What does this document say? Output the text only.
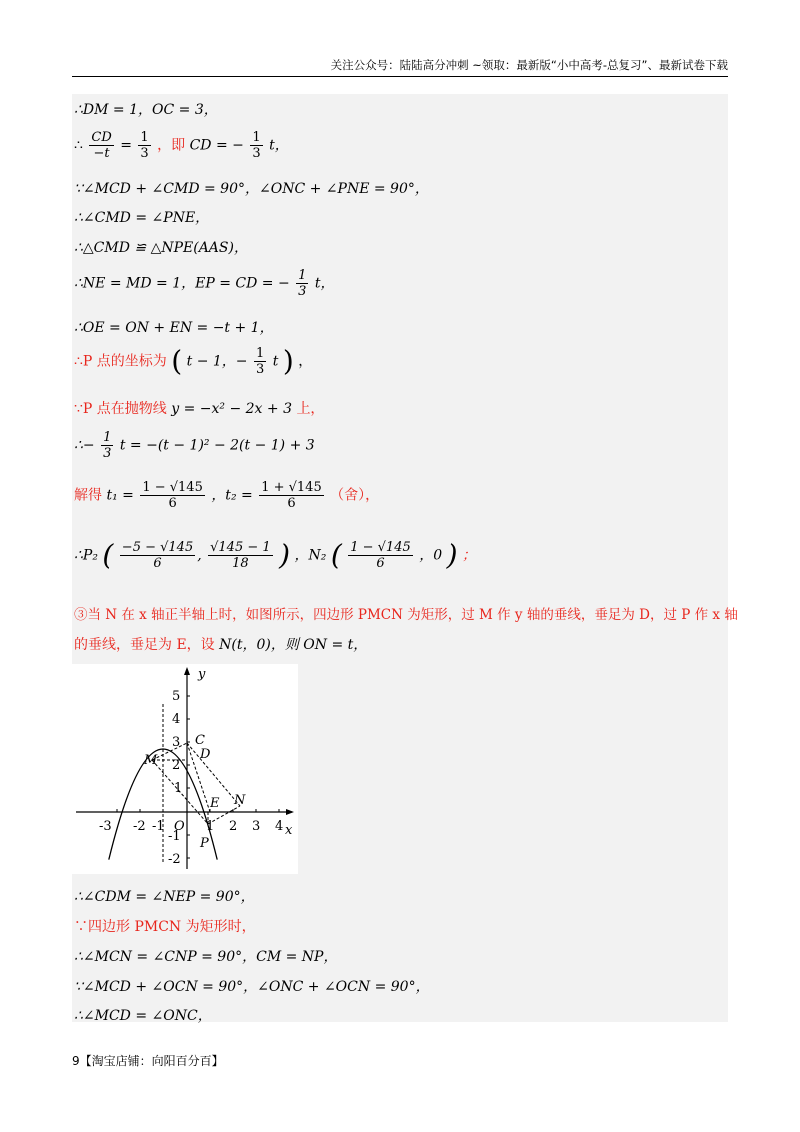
关注公众号：陆陆高分冲刺 ~领取：最新版“小中高考-总复习”、最新试卷下载
∴DM = 1，OC = 3，
∴ $\frac{CD}{-t} = \frac{1}{3}$ ，即 CD = − $\frac{1}{3}$ t，
∵∠MCD + ∠CMD = 90°，∠ONC + ∠PNE = 90°，
∴∠CMD = ∠PNE，
∴△CMD ≌ △NPE(AAS)，
∴NE = MD = 1，EP = CD = − $\frac{1}{3}$ t，
∴OE = ON + EN = −t + 1，
∴P 点的坐标为 ( t − 1，− $\frac{1}{3}$ t ) ，
∵P 点在抛物线 y = −x² − 2x + 3 上，
∴− $\frac{1}{3}$ t = −(t − 1)² − 2(t − 1) + 3
解得 $t_1 = \frac{1 - √145}{6}$ ，$t_2 = \frac{1 + √145}{6}$ （舍），
∴P₂ ( $\frac{-5 - √145}{6}$ , $\frac{√145 - 1}{18}$ ) ，N₂ ( $\frac{1 - √145}{6}$ ，0 ) ；
③当 N 在 x 轴正半轴上时，如图所示，四边形 PMCN 为矩形，过 M 作 y 轴的垂线，垂足为 D，过 P 作 x 轴
的垂线，垂足为 E，设 N(t，0)，则 ON = t，
5
4
3
2
1
-1
-2
-3 -2 -1	1 2 3 4
O	x
y
C
D
M
E N
P
∴∠CDM = ∠NEP = 90°，
∵四边形 PMCN 为矩形时，
∴∠MCN = ∠CNP = 90°，CM = NP，
∵∠MCD + ∠OCN = 90°，∠ONC + ∠OCN = 90°，
∴∠MCD = ∠ONC，
9【淘宝店铺：向阳百分百】
